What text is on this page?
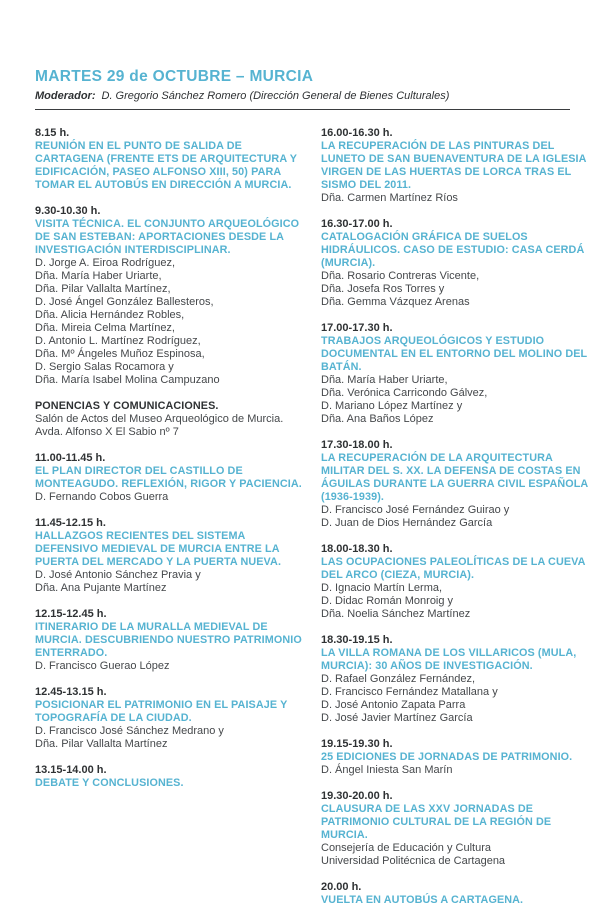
MARTES 29 de OCTUBRE – MURCIA
Moderador: D. Gregorio Sánchez Romero (Dirección General de Bienes Culturales)
8.15 h.
REUNIÓN EN EL PUNTO DE SALIDA DE CARTAGENA (FRENTE ETS DE ARQUITECTURA Y EDIFICACIÓN, PASEO ALFONSO XIII, 50) PARA TOMAR EL AUTOBÚS EN DIRECCIÓN A MURCIA.
9.30-10.30 h.
VISITA TÉCNICA. EL CONJUNTO ARQUEOLÓGICO DE SAN ESTEBAN: APORTACIONES DESDE LA INVESTIGACIÓN INTERDISCIPLINAR.
D. Jorge A. Eiroa Rodríguez,
Dña. María Haber Uriarte,
Dña. Pilar Vallalta Martínez,
D. José Ángel González Ballesteros,
Dña. Alicia Hernández Robles,
Dña. Mireia Celma Martínez,
D. Antonio L. Martínez Rodríguez,
Dña. Mº Ángeles Muñoz Espinosa,
D. Sergio Salas Rocamora y
Dña. María Isabel Molina Campuzano
PONENCIAS Y COMUNICACIONES.
Salón de Actos del Museo Arqueológico de Murcia.
Avda. Alfonso X El Sabio nº 7
11.00-11.45 h.
EL PLAN DIRECTOR DEL CASTILLO DE MONTEAGUDO. REFLEXIÓN, RIGOR Y PACIENCIA.
D. Fernando Cobos Guerra
11.45-12.15 h.
HALLAZGOS RECIENTES DEL SISTEMA DEFENSIVO MEDIEVAL DE MURCIA ENTRE LA PUERTA DEL MERCADO Y LA PUERTA NUEVA.
D. José Antonio Sánchez Pravia y
Dña. Ana Pujante Martínez
12.15-12.45 h.
ITINERARIO DE LA MURALLA MEDIEVAL DE MURCIA. DESCUBRIENDO NUESTRO PATRIMONIO ENTERRADO.
D. Francisco Guerao López
12.45-13.15 h.
POSICIONAR EL PATRIMONIO EN EL PAISAJE Y TOPOGRAFÍA DE LA CIUDAD.
D. Francisco José Sánchez Medrano y
Dña. Pilar Vallalta Martínez
13.15-14.00 h.
DEBATE Y CONCLUSIONES.
16.00-16.30 h.
LA RECUPERACIÓN DE LAS PINTURAS DEL LUNETO DE SAN BUENAVENTURA DE LA IGLESIA VIRGEN DE LAS HUERTAS DE LORCA TRAS EL SISMO DEL 2011.
Dña. Carmen Martínez Ríos
16.30-17.00 h.
CATALOGACIÓN GRÁFICA DE SUELOS HIDRÁULICOS. CASO DE ESTUDIO: CASA CERDÁ (MURCIA).
Dña. Rosario Contreras Vicente,
Dña. Josefa Ros Torres y
Dña. Gemma Vázquez Arenas
17.00-17.30 h.
TRABAJOS ARQUEOLÓGICOS Y ESTUDIO DOCUMENTAL EN EL ENTORNO DEL MOLINO DEL BATÁN.
Dña. María Haber Uriarte,
Dña. Verónica Carricondo Gálvez,
D. Mariano López Martínez y
Dña. Ana Baños López
17.30-18.00 h.
LA RECUPERACIÓN DE LA ARQUITECTURA MILITAR DEL S. XX. LA DEFENSA DE COSTAS EN ÁGUILAS DURANTE LA GUERRA CIVIL ESPAÑOLA (1936-1939).
D. Francisco José Fernández Guirao y
D. Juan de Dios Hernández García
18.00-18.30 h.
LAS OCUPACIONES PALEOLÍTICAS DE LA CUEVA DEL ARCO (CIEZA, MURCIA).
D. Ignacio Martín Lerma,
D. Didac Román Monroig y
Dña. Noelia Sánchez Martínez
18.30-19.15 h.
LA VILLA ROMANA DE LOS VILLARICOS (MULA, MURCIA): 30 AÑOS DE INVESTIGACIÓN.
D. Rafael González Fernández,
D. Francisco Fernández Matallana y
D. José Antonio Zapata Parra
D. José Javier Martínez García
19.15-19.30 h.
25 EDICIONES DE JORNADAS DE PATRIMONIO.
D. Ángel Iniesta San Marín
19.30-20.00 h.
CLAUSURA DE LAS XXV JORNADAS DE PATRIMONIO CULTURAL DE LA REGIÓN DE MURCIA.
Consejería de Educación y Cultura
Universidad Politécnica de Cartagena
20.00 h.
VUELTA EN AUTOBÚS A CARTAGENA.
